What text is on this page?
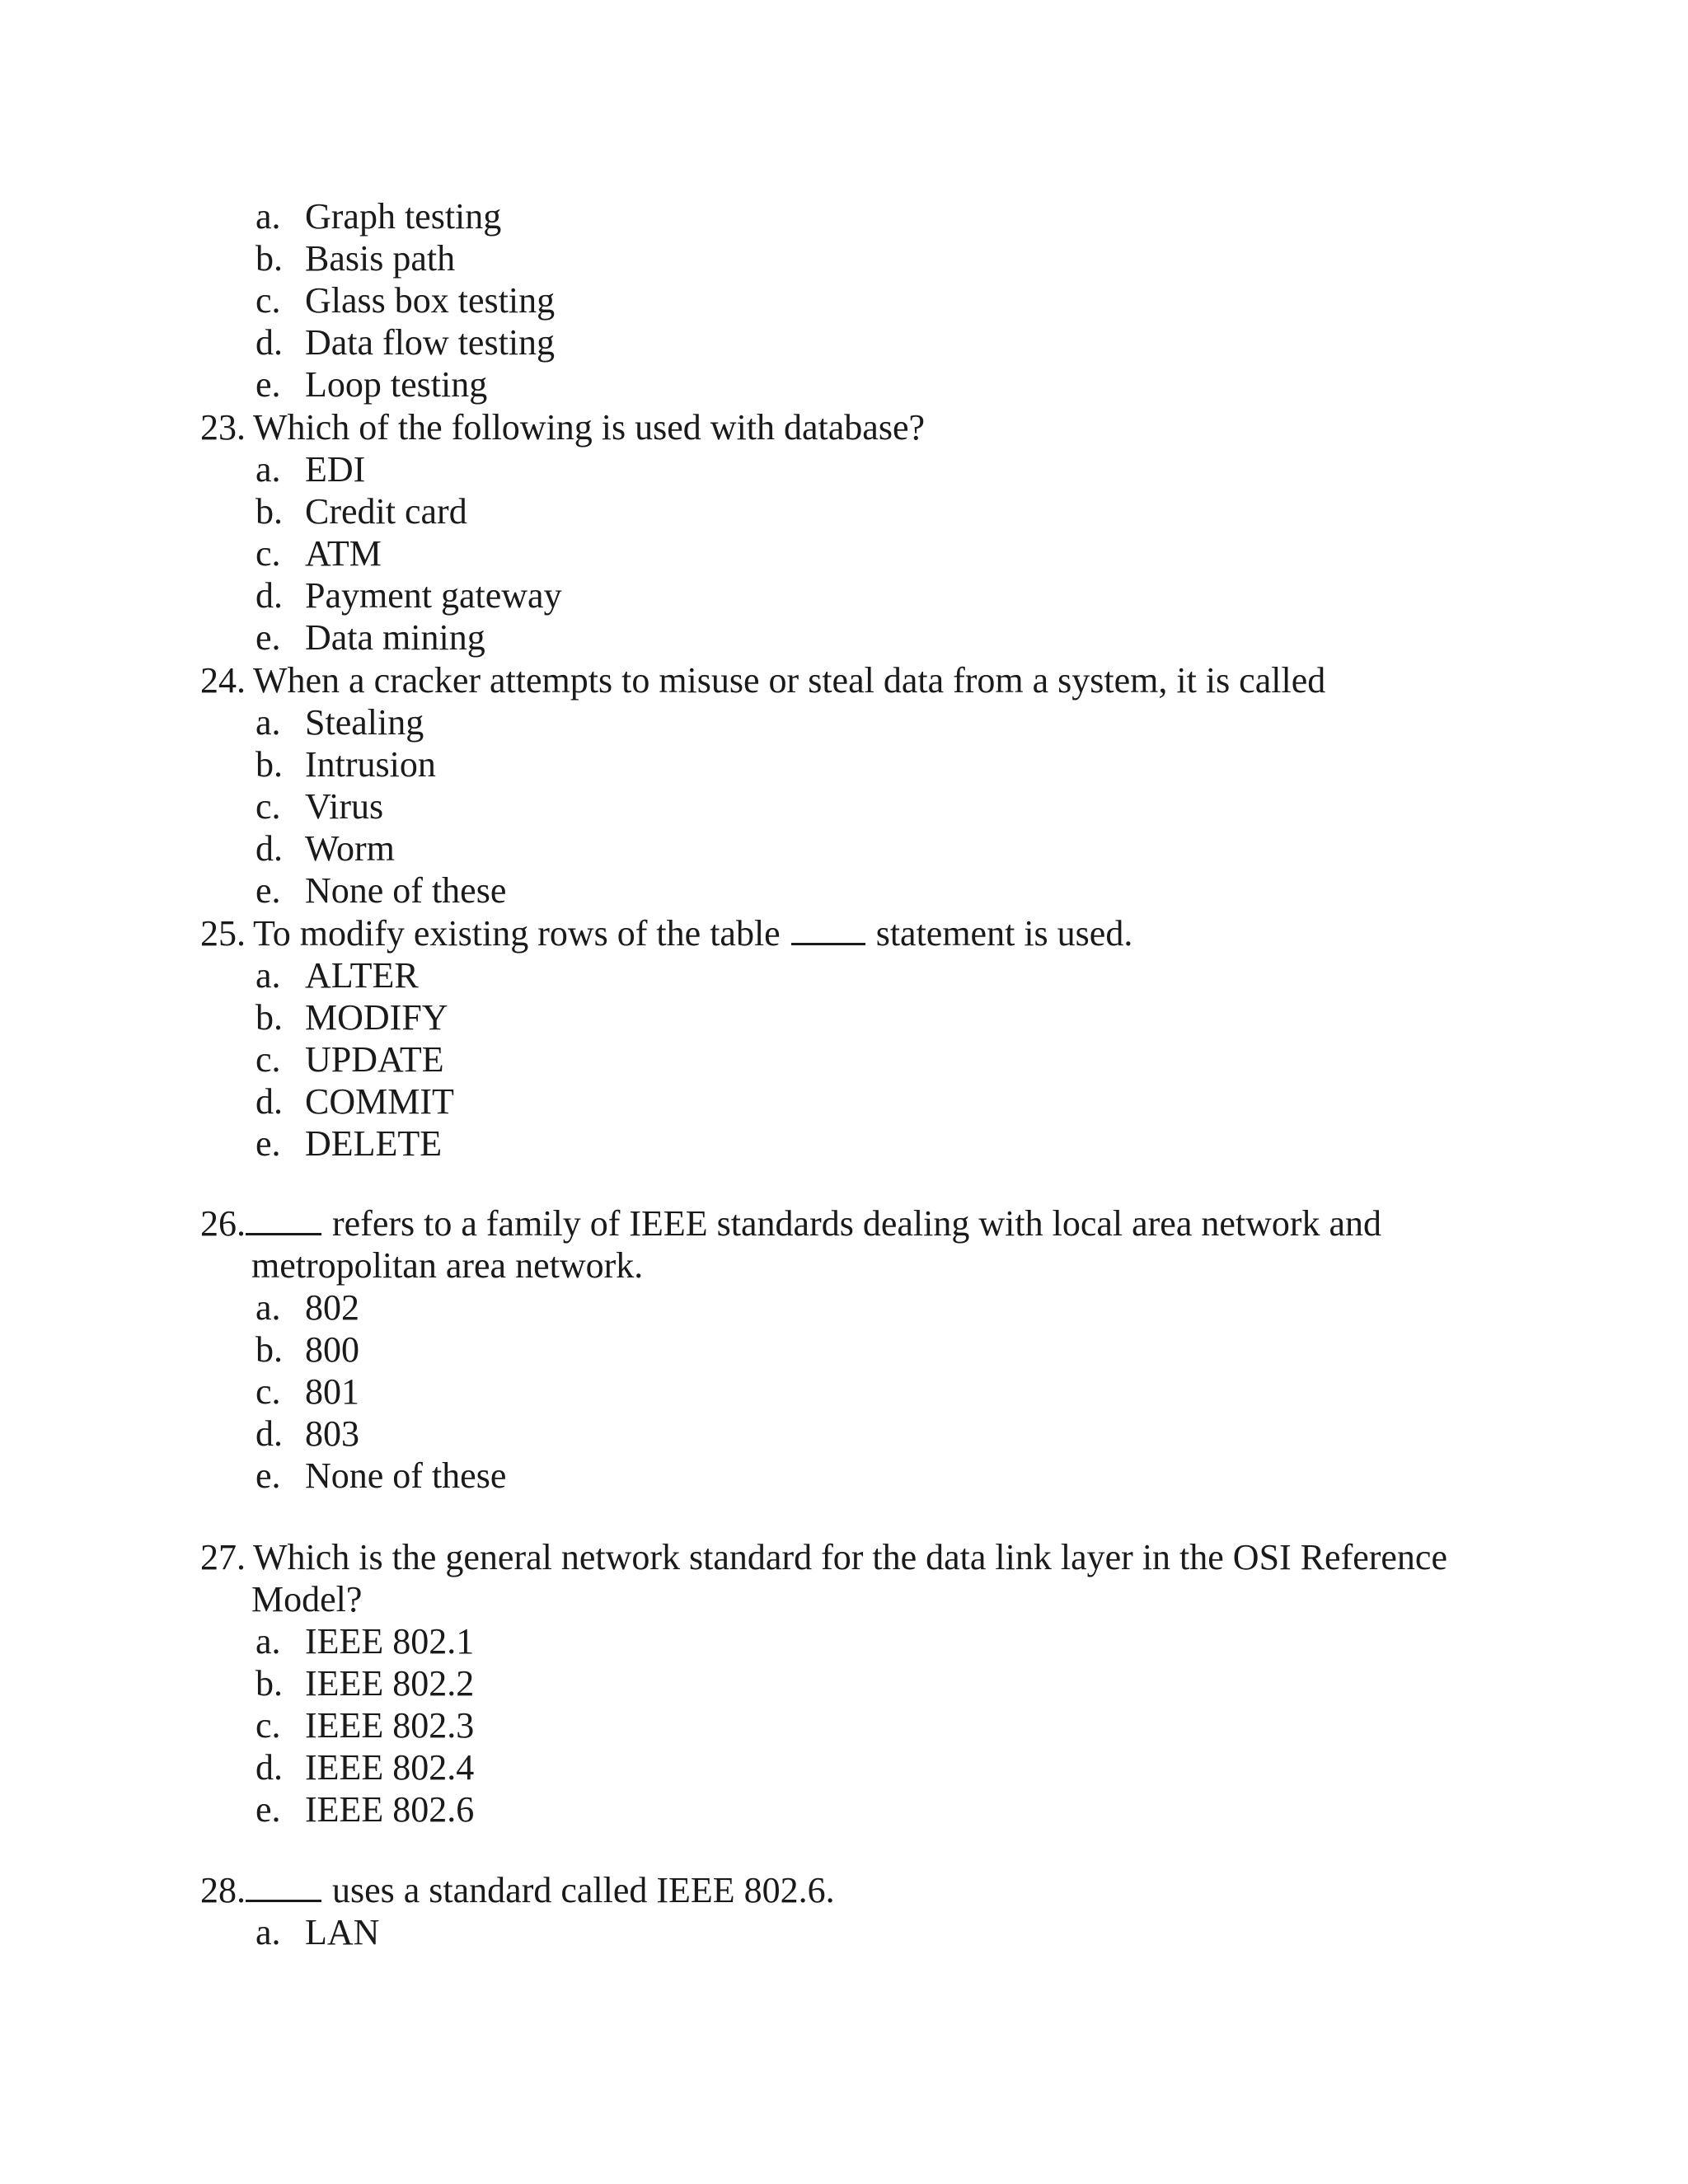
a. Graph testing
b. Basis path
c. Glass box testing
d. Data flow testing
e. Loop testing
23. Which of the following is used with database?
a. EDI
b. Credit card
c. ATM
d. Payment gateway
e. Data mining
24. When a cracker attempts to misuse or steal data from a system, it is called
a. Stealing
b. Intrusion
c. Virus
d. Worm
e. None of these
25. To modify existing rows of the table	statement is used.
a. ALTER
b. MODIFY
c. UPDATE
d. COMMIT
e. DELETE
26. refers to a family of IEEE standards dealing with local area network and
metropolitan area network.
a. 802
b. 800
c. 801
d. 803
e. None of these
27. Which is the general network standard for the data link layer in the OSI Reference
Model?
a. IEEE 802.1
b. IEEE 802.2
c. IEEE 802.3
d. IEEE 802.4
e. IEEE 802.6
28. uses a standard called IEEE 802.6.
a. LAN
